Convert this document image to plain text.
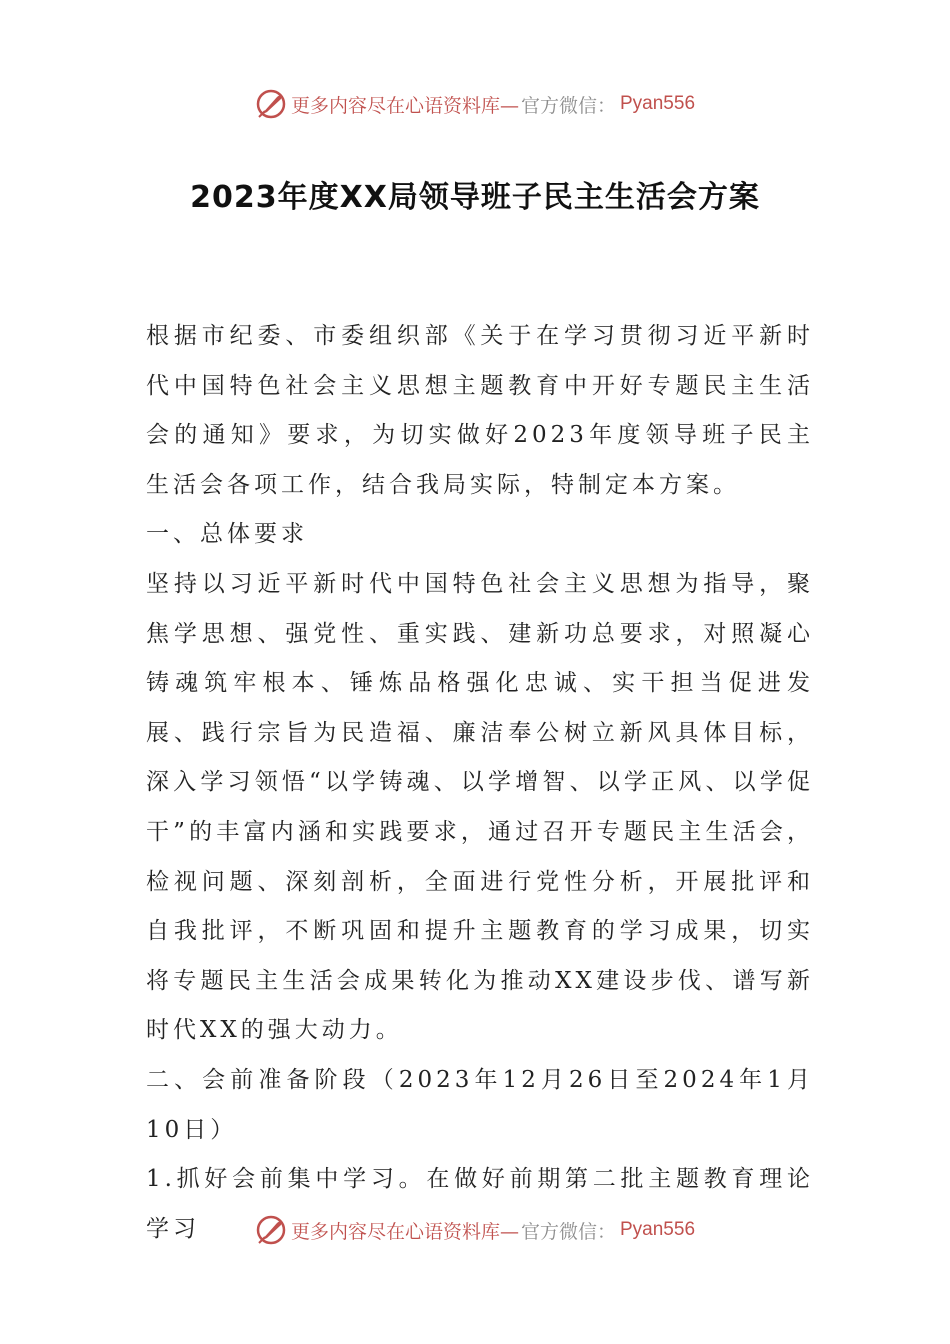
更多内容尽在心语资料库— 官方微信： Pyan556
2023年度XX局领导班子民主生活会方案

根据市纪委、市委组织部《关于在学习贯彻习近平新时代中国特色社会主义思想主题教育中开好专题民主生活会的通知》要求，为切实做好2023年度领导班子民主生活会各项工作，结合我局实际，特制定本方案。

一、总体要求

坚持以习近平新时代中国特色社会主义思想为指导，聚焦学思想、强党性、重实践、建新功总要求，对照凝心铸魂筑牢根本、锤炼品格强化忠诚、实干担当促进发展、践行宗旨为民造福、廉洁奉公树立新风具体目标，深入学习领悟“以学铸魂、以学增智、以学正风、以学促干”的丰富内涵和实践要求，通过召开专题民主生活会，检视问题、深刻剖析，全面进行党性分析，开展批评和自我批评，不断巩固和提升主题教育的学习成果，切实将专题民主生活会成果转化为推动XX建设步伐、谱写新时代XX的强大动力。

二、会前准备阶段（2023年12月26日至2024年1月10日）

1.抓好会前集中学习。在做好前期第二批主题教育理论学习	更多内容尽在心语资料库— 官方微信： Pyan556
